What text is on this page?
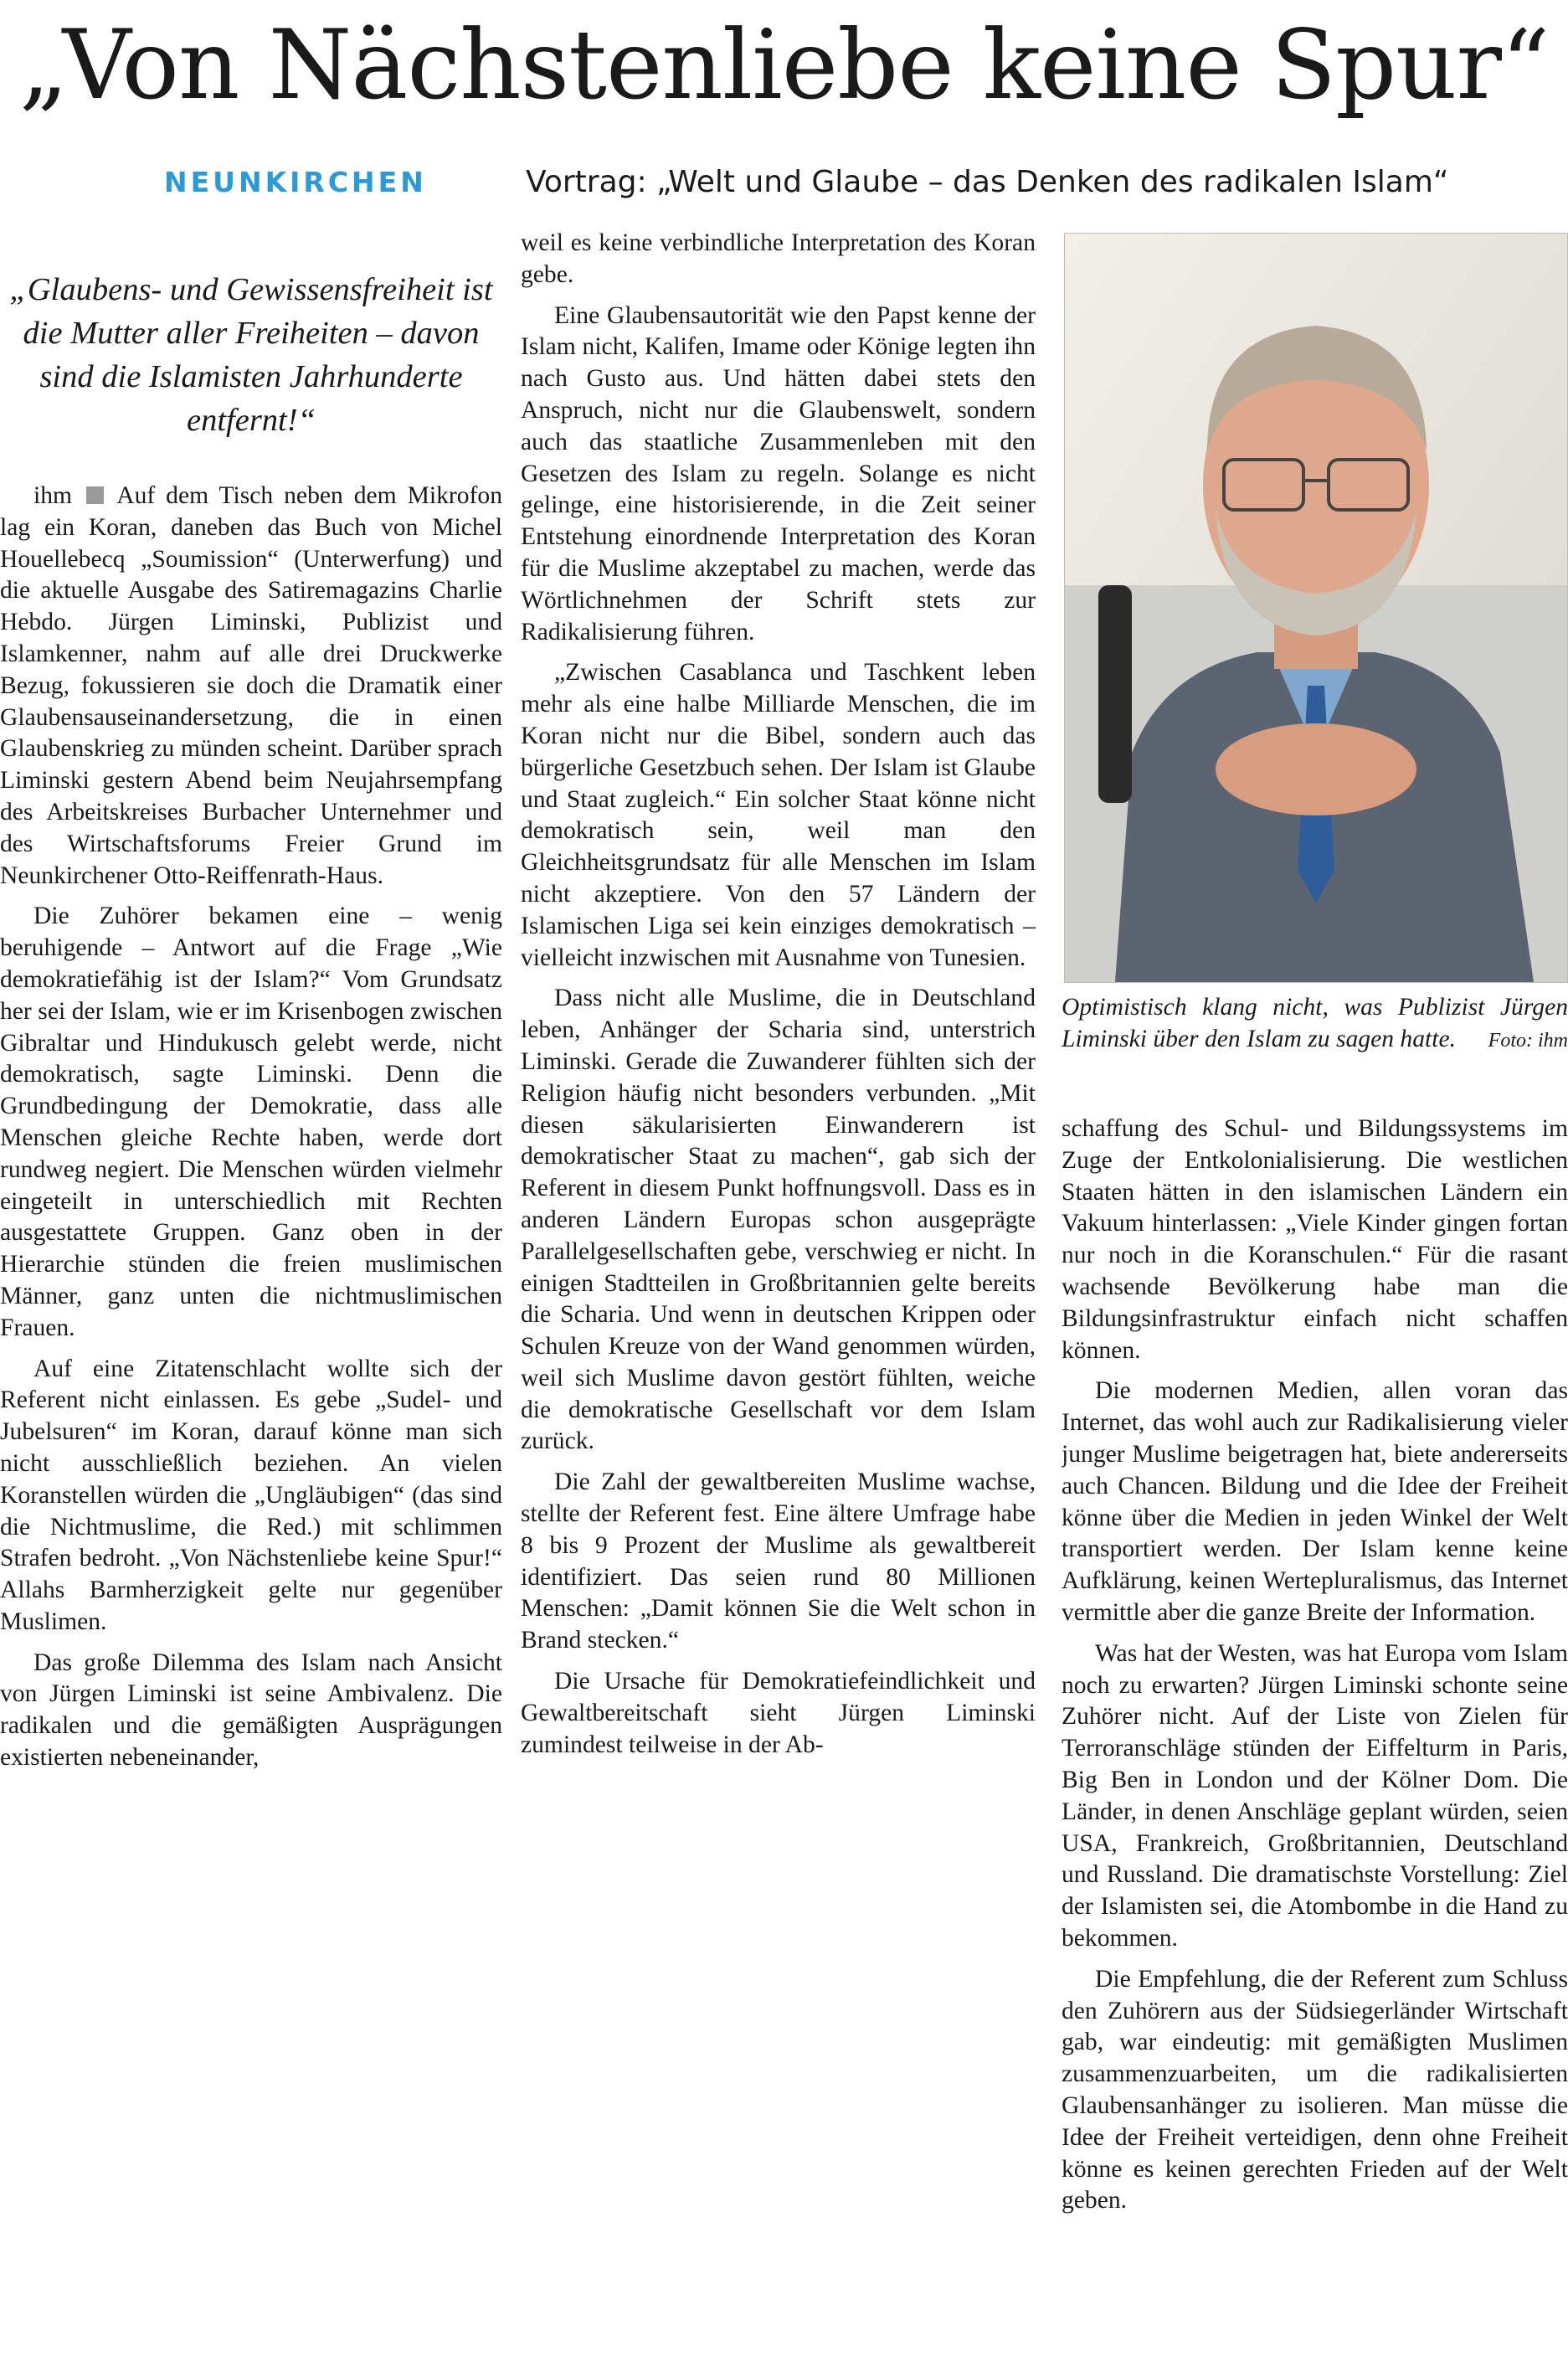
„Von Nächstenliebe keine Spur“
NEUNKIRCHEN	Vortrag: „Welt und Glaube – das Denken des radikalen Islam“
„Glaubens- und Gewissensfreiheit ist die Mutter aller Freiheiten – davon sind die Islamisten Jahrhunderte entfernt!“

ihm Auf dem Tisch neben dem Mikrofon lag ein Koran, daneben das Buch von Michel Houellebecq „Soumission“ (Unterwerfung) und die aktuelle Ausgabe des Satiremagazins Charlie Hebdo. Jürgen Liminski, Publizist und Islamkenner, nahm auf alle drei Druckwerke Bezug, fokussieren sie doch die Dramatik einer Glaubensauseinandersetzung, die in einen Glaubenskrieg zu münden scheint. Darüber sprach Liminski gestern Abend beim Neujahrsempfang des Arbeitskreises Burbacher Unternehmer und des Wirtschaftsforums Freier Grund im Neunkirchener Otto-Reiffenrath-Haus.

Die Zuhörer bekamen eine – wenig beruhigende – Antwort auf die Frage „Wie demokratiefähig ist der Islam?“ Vom Grundsatz her sei der Islam, wie er im Krisenbogen zwischen Gibraltar und Hindukusch gelebt werde, nicht demokratisch, sagte Liminski. Denn die Grundbedingung der Demokratie, dass alle Menschen gleiche Rechte haben, werde dort rundweg negiert. Die Menschen würden vielmehr eingeteilt in unterschiedlich mit Rechten ausgestattete Gruppen. Ganz oben in der Hierarchie stünden die freien muslimischen Männer, ganz unten die nichtmuslimischen Frauen.

Auf eine Zitatenschlacht wollte sich der Referent nicht einlassen. Es gebe „Sudel- und Jubelsuren“ im Koran, darauf könne man sich nicht ausschließlich beziehen. An vielen Koranstellen würden die „Ungläubigen“ (das sind die Nichtmuslime, die Red.) mit schlimmen Strafen bedroht. „Von Nächstenliebe keine Spur!“ Allahs Barmherzigkeit gelte nur gegenüber Muslimen.

Das große Dilemma des Islam nach Ansicht von Jürgen Liminski ist seine Ambivalenz. Die radikalen und die gemäßigten Ausprägungen existierten nebeneinander,

weil es keine verbindliche Interpretation des Koran gebe.

Eine Glaubensautorität wie den Papst kenne der Islam nicht, Kalifen, Imame oder Könige legten ihn nach Gusto aus. Und hätten dabei stets den Anspruch, nicht nur die Glaubenswelt, sondern auch das staatliche Zusammenleben mit den Gesetzen des Islam zu regeln. Solange es nicht gelinge, eine historisierende, in die Zeit seiner Entstehung einordnende Interpretation des Koran für die Muslime akzeptabel zu machen, werde das Wörtlichnehmen der Schrift stets zur Radikalisierung führen.

„Zwischen Casablanca und Taschkent leben mehr als eine halbe Milliarde Menschen, die im Koran nicht nur die Bibel, sondern auch das bürgerliche Gesetzbuch sehen. Der Islam ist Glaube und Staat zugleich.“ Ein solcher Staat könne nicht demokratisch sein, weil man den Gleichheitsgrundsatz für alle Menschen im Islam nicht akzeptiere. Von den 57 Ländern der Islamischen Liga sei kein einziges demokratisch – vielleicht inzwischen mit Ausnahme von Tunesien.

Dass nicht alle Muslime, die in Deutschland leben, Anhänger der Scharia sind, unterstrich Liminski. Gerade die Zuwanderer fühlten sich der Religion häufig nicht besonders verbunden. „Mit diesen säkularisierten Einwanderern ist demokratischer Staat zu machen“, gab sich der Referent in diesem Punkt hoffnungsvoll. Dass es in anderen Ländern Europas schon ausgeprägte Parallelgesellschaften gebe, verschwieg er nicht. In einigen Stadtteilen in Großbritannien gelte bereits die Scharia. Und wenn in deutschen Krippen oder Schulen Kreuze von der Wand genommen würden, weil sich Muslime davon gestört fühlten, weiche die demokratische Gesellschaft vor dem Islam zurück.

Die Zahl der gewaltbereiten Muslime wachse, stellte der Referent fest. Eine ältere Umfrage habe 8 bis 9 Prozent der Muslime als gewaltbereit identifiziert. Das seien rund 80 Millionen Menschen: „Damit können Sie die Welt schon in Brand stecken.“

Die Ursache für Demokratiefeindlichkeit und Gewaltbereitschaft sieht Jürgen Liminski zumindest teilweise in der Ab-

Optimistisch klang nicht, was Publizist Jürgen Liminski über den Islam zu sagen hatte. Foto: ihm

schaffung des Schul- und Bildungssystems im Zuge der Entkolonialisierung. Die westlichen Staaten hätten in den islamischen Ländern ein Vakuum hinterlassen: „Viele Kinder gingen fortan nur noch in die Koranschulen.“ Für die rasant wachsende Bevölkerung habe man die Bildungsinfrastruktur einfach nicht schaffen können.

Die modernen Medien, allen voran das Internet, das wohl auch zur Radikalisierung vieler junger Muslime beigetragen hat, biete andererseits auch Chancen. Bildung und die Idee der Freiheit könne über die Medien in jeden Winkel der Welt transportiert werden. Der Islam kenne keine Aufklärung, keinen Wertepluralismus, das Internet vermittle aber die ganze Breite der Information.

Was hat der Westen, was hat Europa vom Islam noch zu erwarten? Jürgen Liminski schonte seine Zuhörer nicht. Auf der Liste von Zielen für Terroranschläge stünden der Eiffelturm in Paris, Big Ben in London und der Kölner Dom. Die Länder, in denen Anschläge geplant würden, seien USA, Frankreich, Großbritannien, Deutschland und Russland. Die dramatischste Vorstellung: Ziel der Islamisten sei, die Atombombe in die Hand zu bekommen.

Die Empfehlung, die der Referent zum Schluss den Zuhörern aus der Südsiegerländer Wirtschaft gab, war eindeutig: mit gemäßigten Muslimen zusammenzuarbeiten, um die radikalisierten Glaubensanhänger zu isolieren. Man müsse die Idee der Freiheit verteidigen, denn ohne Freiheit könne es keinen gerechten Frieden auf der Welt geben.
